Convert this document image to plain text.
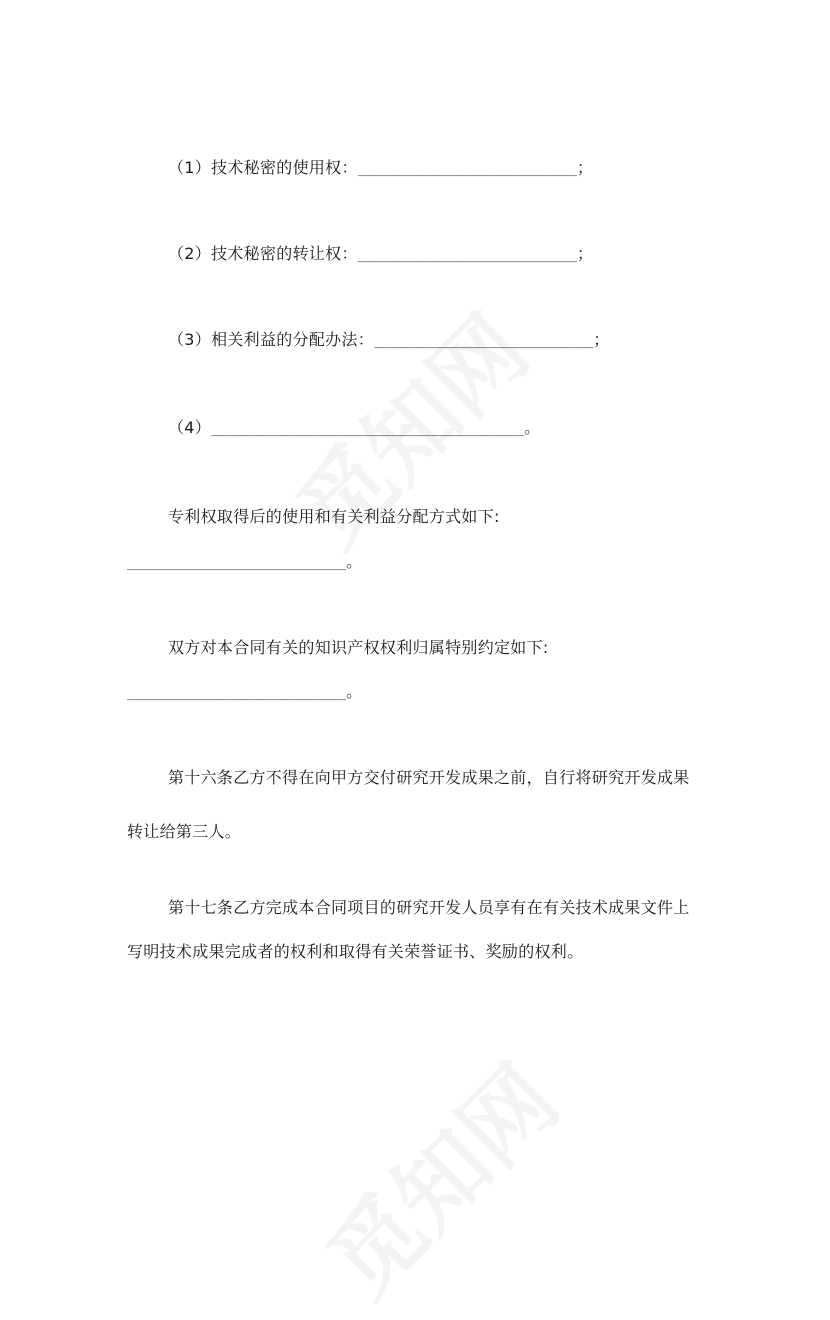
（1）技术秘密的使用权：____________________________；
（2）技术秘密的转让权：____________________________；
（3）相关利益的分配办法：____________________________；
（4）________________________________________。
专利权取得后的使用和有关利益分配方式如下:
____________________________。
双方对本合同有关的知识产权权利归属特别约定如下:
____________________________。
第十六条乙方不得在向甲方交付研究开发成果之前，自行将研究开发成果
转让给第三人。
第十七条乙方完成本合同项目的研究开发人员享有在有关技术成果文件上
写明技术成果完成者的权利和取得有关荣誉证书、奖励的权利。
